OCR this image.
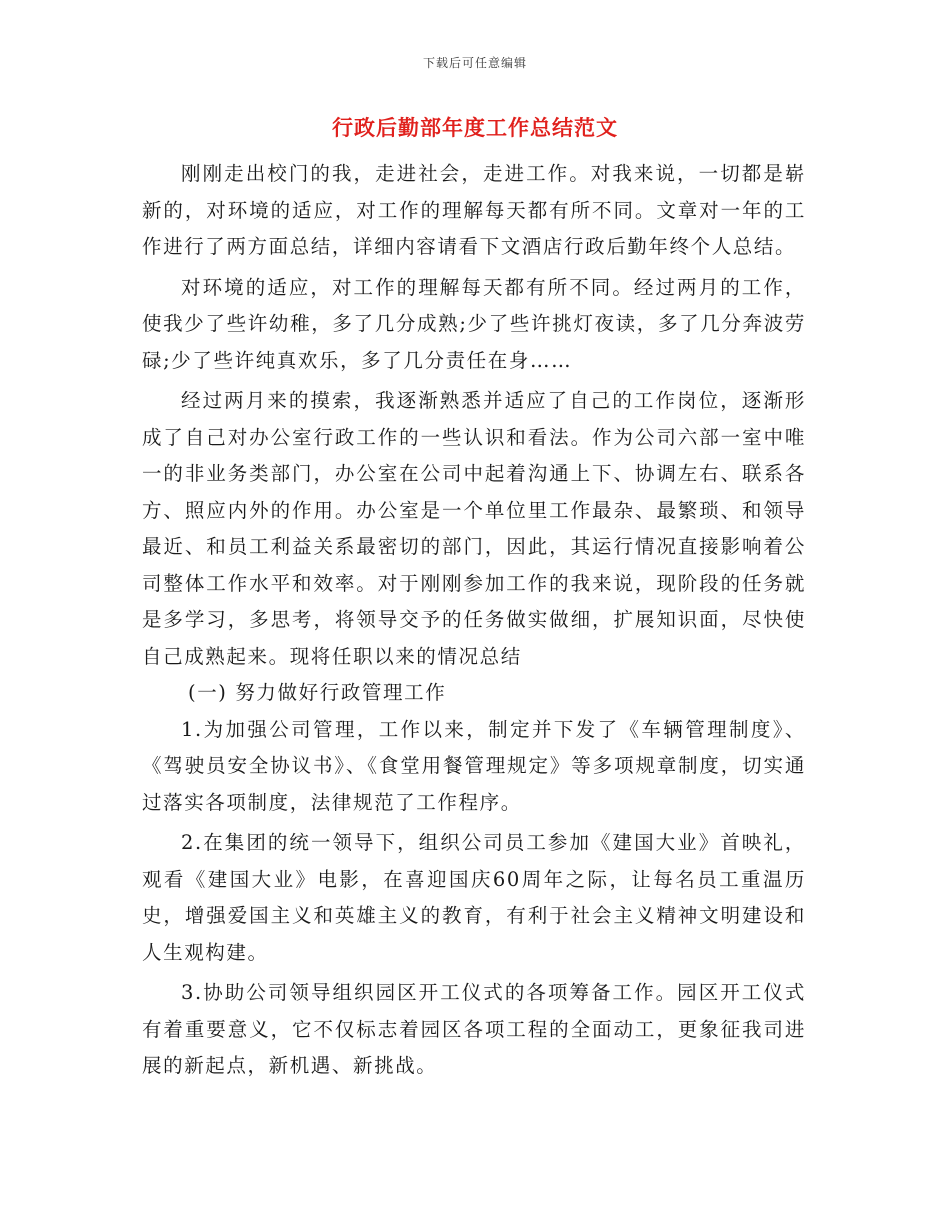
下载后可任意编辑
行政后勤部年度工作总结范文

刚刚走出校门的我，走进社会，走进工作。对我来说，一切都是崭新的，对环境的适应，对工作的理解每天都有所不同。文章对一年的工作进行了两方面总结，详细内容请看下文酒店行政后勤年终个人总结。

对环境的适应，对工作的理解每天都有所不同。经过两月的工作，使我少了些许幼稚，多了几分成熟;少了些许挑灯夜读，多了几分奔波劳碌;少了些许纯真欢乐，多了几分责任在身……

经过两月来的摸索，我逐渐熟悉并适应了自己的工作岗位，逐渐形成了自己对办公室行政工作的一些认识和看法。作为公司六部一室中唯一的非业务类部门，办公室在公司中起着沟通上下、协调左右、联系各方、照应内外的作用。办公室是一个单位里工作最杂、最繁琐、和领导最近、和员工利益关系最密切的部门，因此，其运行情况直接影响着公司整体工作水平和效率。对于刚刚参加工作的我来说，现阶段的任务就是多学习，多思考，将领导交予的任务做实做细，扩展知识面，尽快使自己成熟起来。现将任职以来的情况总结

(一) 努力做好行政管理工作

1.为加强公司管理，工作以来，制定并下发了《车辆管理制度》、《驾驶员安全协议书》、《食堂用餐管理规定》等多项规章制度，切实通过落实各项制度，法律规范了工作程序。

2.在集团的统一领导下，组织公司员工参加《建国大业》首映礼，观看《建国大业》电影，在喜迎国庆60周年之际，让每名员工重温历史，增强爱国主义和英雄主义的教育，有利于社会主义精神文明建设和人生观构建。

3.协助公司领导组织园区开工仪式的各项筹备工作。园区开工仪式有着重要意义，它不仅标志着园区各项工程的全面动工，更象征我司进展的新起点，新机遇、新挑战。
